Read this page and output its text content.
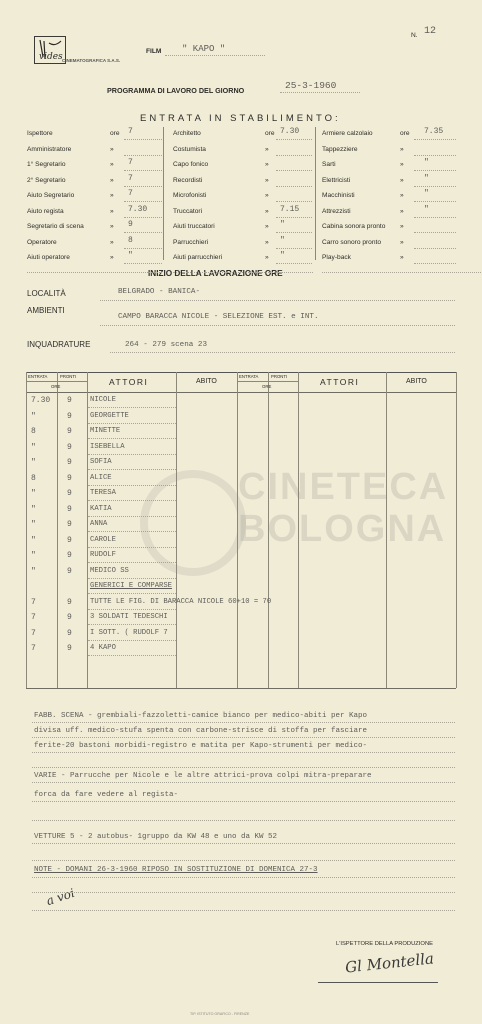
vides CINEMATOGRAFICA S.A.S.
N. 12
FILM " KAPO "
PROGRAMMA DI LAVORO DEL GIORNO	25-3-1960
ENTRATA IN STABILIMENTO:
INIZIO DELLA LAVORAZIONE ORE
LOCALITÀ	BELGRADO - BANICA-
AMBIENTI
CAMPO BARACCA NICOLE - SELEZIONE EST. e INT.
INQUADRATURE	264 - 279 scena 23
CINETECA
BOLOGNA
FABB. SCENA - grembiali-fazzoletti-camice bianco per medico-abiti per Kapo
divisa uff. medico-stufa spenta con carbone-strisce di stoffa per fasciare
ferite-20 bastoni morbidi-registro e matita per Kapo-strumenti per medico-
VARIE - Parrucche per Nicole e le altre attrici-prova colpi mitra-preparare
forca da fare vedere al regista-
VETTURE 5 - 2 autobus- 1gruppo da KW 48 e uno da KW 52
NOTE - DOMANI 26-3-1960 RIPOSO IN SOSTITUZIONE DI DOMENICA 27-3
a voi
L'ISPETTORE DELLA PRODUZIONE
Gl Montella
TIP. ISTITUTO GRAFICO - FIRENZE
Ispettore	ore 7
Amministratore	»
1° Segretario	» 7
2° Segretario	» 7
Aiuto Segretario	» 7
Aiuto regista	» 7.30
Segretario di scena	» 9
Operatore	» 8
Aiuti operatore	» "
Architetto	ore 7.30
Costumista	»
Capo fonico	»
Recordisti	»
Microfonisti	»
Truccatori	» 7.15
Aiuti truccatori	» "
Parrucchieri	» "
Aiuti parrucchieri	» "
Armiere calzolaio	ore 7.35
Tappezziere	»
Sarti	»	"
Elettricisti	»	"
Macchinisti	»	"
Attrezzisti	»	"
Cabina sonora pronto »
Carro sonoro pronto	»
Play-back	»
ENTRATA	PRONTI
ORE	ATTORI	ABITO
ENTRATA	PRONTI
ORE	ATTORI	ABITO
7.30 9	NICOLE
"	9	GEORGETTE
8	9	MINETTE
"	9	ISEBELLA
"	9	SOFIA
8	9	ALICE
"	9	TERESA
"	9	KATIA
"	9	ANNA
"	9	CAROLE
"	9	RUDOLF
"	9	MEDICO SS
GENERICI E COMPARSE
7	9	TUTTE LE FIG. DI BARACCA NICOLE 60+10 = 70
7	9	3 SOLDATI TEDESCHI
7	9	I SOTT. ( RUDOLF 7
7	9	4 KAPO
